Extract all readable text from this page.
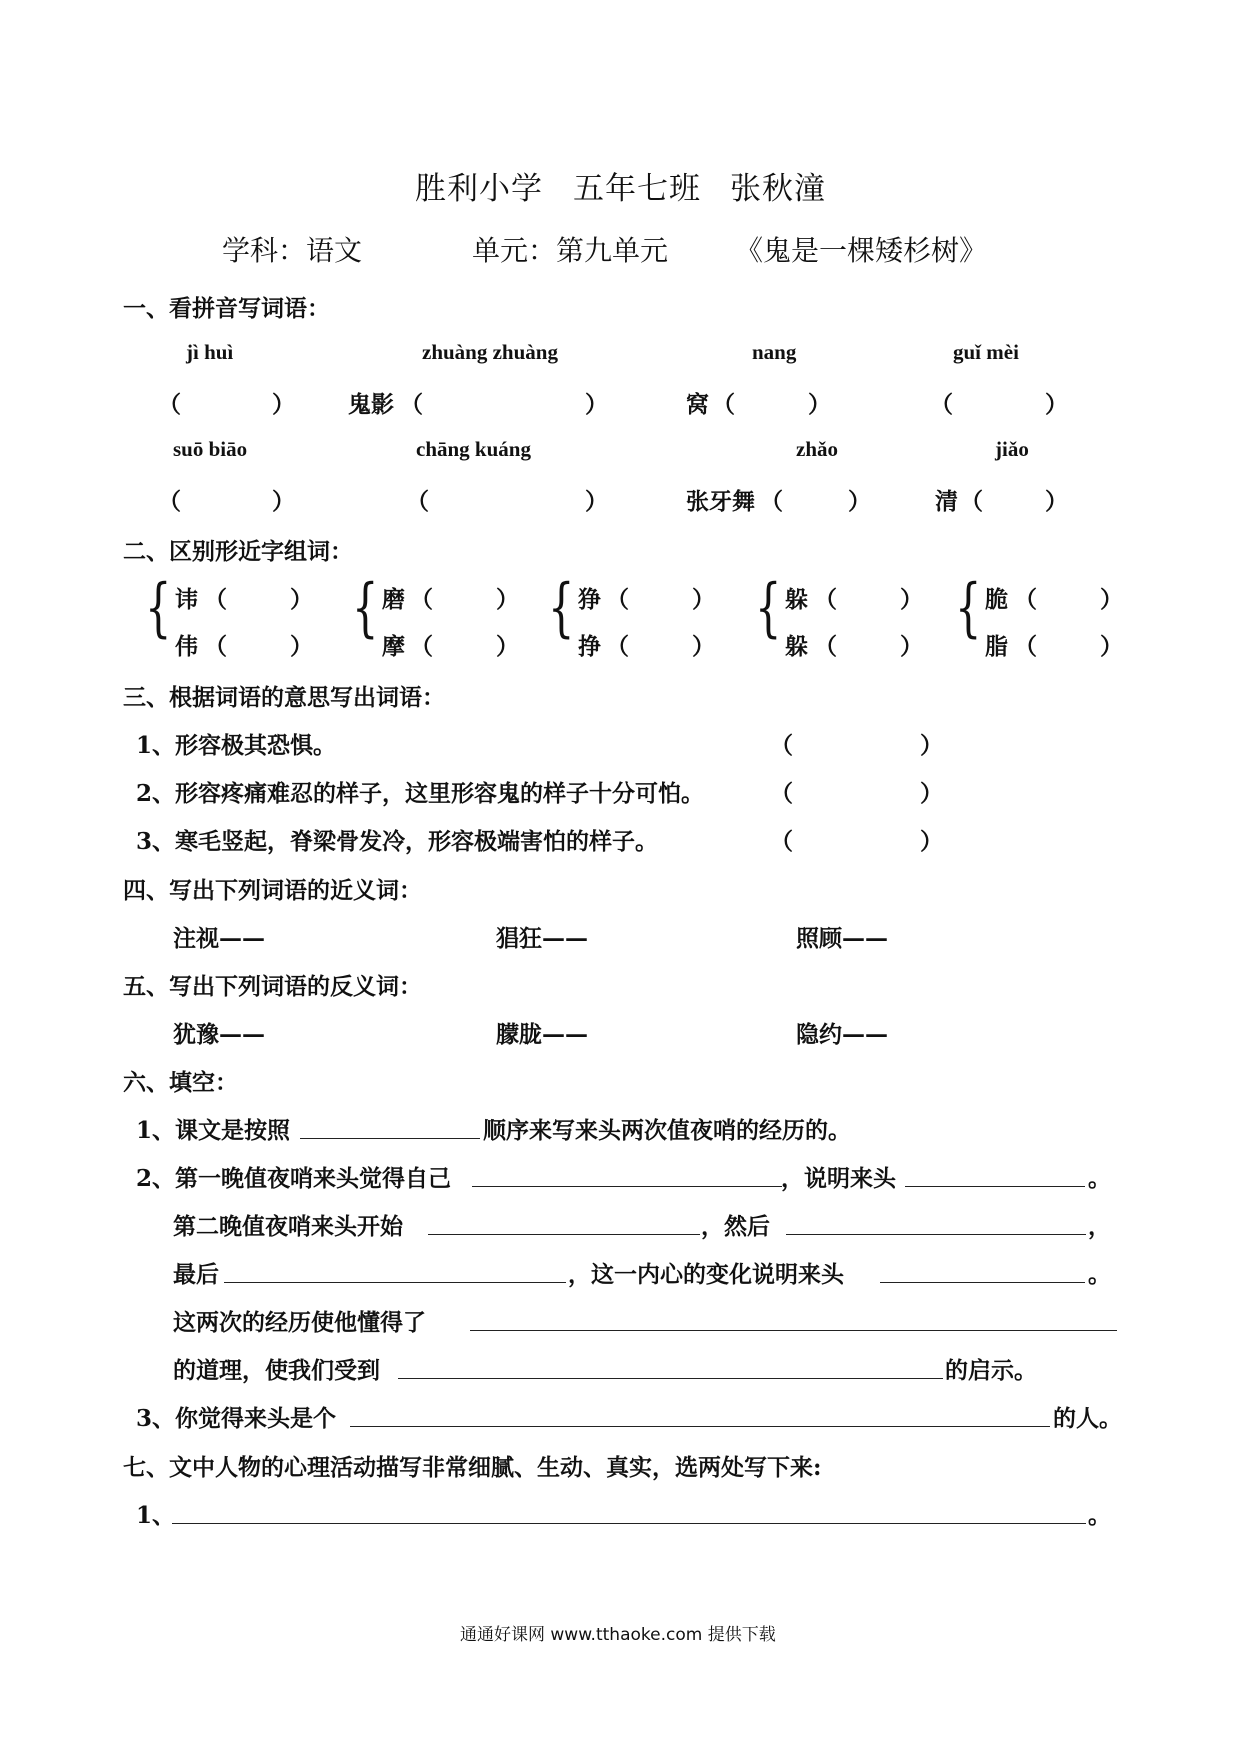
胜利小学 五年七班 张秋潼
学科：语文	单元：第九单元 《鬼是一棵矮杉树》
一、看拼音写词语：
jì huì	zhuàng zhuàng	nang	guǐ mèi
（	） 鬼影 （	）	窝 （	）	（	）
suō biāo	chāng kuáng	zhǎo	jiǎo
（	）	（	）	张牙舞 （	）	清 （	）
二、区别形近字组词：
{ 讳 （	）
伟 （	）
{ 磨 （	）
摩 （	）
{ 狰 （	）
挣 （	）
{ 躲 （	）
躲 （	）
{ 脆 （	）
脂 （	）
三、根据词语的意思写出词语：
1、形容极其恐惧。	（	）
2、形容疼痛难忍的样子，这里形容鬼的样子十分可怕。	（	）
3、寒毛竖起，脊梁骨发冷，形容极端害怕的样子。	（	）
四、写出下列词语的近义词：
注视——	猖狂——	照顾——
五、写出下列词语的反义词：
犹豫——	朦胧——	隐约——
六、填空：
1、课文是按照	顺序来写来头两次值夜哨的经历的。
2、第一晚值夜哨来头觉得自己	，说明来头	。
第二晚值夜哨来头开始	，然后	，
最后	，这一内心的变化说明来头	。
这两次的经历使他懂得了
的道理，使我们受到	的启示。
3、你觉得来头是个	的人。
七、文中人物的心理活动描写非常细腻、生动、真实，选两处写下来:
1、	。
通通好课网 www.tthaoke.com 提供下载
